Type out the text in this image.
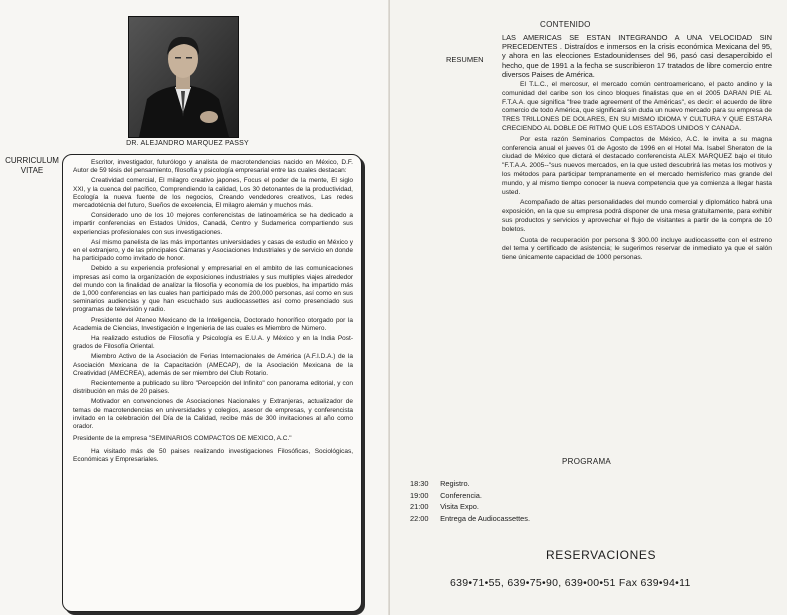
DR. ALEJANDRO MARQUEZ PASSY
CURRICULUM VITAE

Escritor, investigador, futurólogo y analista de macrotendencias nacido en México, D.F. Autor de 59 tésis del pensamiento, filosofía y psicología empresarial entre las cuales destacan:

Creatividad comercial, El milagro creativo japones, Focus el poder de la mente, El siglo XXI, y la cuenca del pacífico, Comprendiendo la calidad, Los 30 detonantes de la productividad, Ecología la nueva fuente de los negocios, Creando vendedores creativos, Las redes mercadotécnia del futuro, Sueños de excelencia, El milagro alemán y muchos más.

Considerado uno de los 10 mejores conferencistas de latinoamérica se ha dedicado a impartir conferencias en Estados Unidos, Canadá, Centro y Sudamerica compartiendo sus experiencias profesionales con sus investigaciones.

Así mismo panelista de las más importantes universidades y casas de estudio en México y en el extranjero, y de las principales Cámaras y Asociaciones Industriales y de servicio en donde ha participado como invitado de honor.

Debido a su experiencia profesional y empresarial en el ambito de las comunicaciones impresas así como la organización de exposiciones industriales y sus multiples viajes alrededor del mundo con la finalidad de analizar la filosofía y economía de los pueblos, ha impartido más de 1,000 conferencias en las cuales han participado más de 200,000 personas, así como en sus seminarios audiencias y que han escuchado sus audiocassettes así como presenciado sus programas de televisión y radio.

Presidente del Ateneo Mexicano de la Inteligencia, Doctorado honorífico otorgado por la Academia de Ciencias, Investigación e Ingenieria de las cuales es Miembro de Número.

Ha realizado estudios de Filosofía y Psicología es E.U.A. y México y en la India Post-grados de Filosofía Oriental.

Miembro Activo de la Asociación de Ferias Internacionales de América (A.F.I.D.A.) de la Asociación Mexicana de la Capacitación (AMECAP), de la Asociación Mexicana de la Creatividad (AMECREA), además de ser miembro del Club Rotario.

Recientemente a publicado su libro "Percepción del Infinito" con panorama editorial, y con distribución en más de 20 paises.

Motivador en convenciones de Asociaciones Nacionales y Extranjeras, actualizador de temas de macrotendencias en universidades y colegios, asesor de empresas, y conferencista invitado en la celebración del Día de la Calidad, recibe más de 300 invitaciones al año como orador.

Presidente de la empresa "SEMINARIOS COMPACTOS DE MEXICO, A.C."

Ha visitado más de 50 paises realizando investigaciones Filosóficas, Sociológicas, Económicas y Empresariales.

CONTENIDO
RESUMEN

LAS AMERICAS SE ESTAN INTEGRANDO A UNA VELOCIDAD SIN PRECEDENTES . Distraídos e inmersos en la crisis económica Mexicana del 95, y ahora en las elecciones Estadounidenses del 96, pasó casi desapercibido el hecho, que de 1991 a la fecha se suscribieron 17 tratados de libre comercio entre diversos Paises de América.

El T.L.C., el mercosur, el mercado común centroamericano, el pacto andino y la comunidad del caribe son los cinco bloques finalistas que en el 2005 DARAN PIE AL F.T.A.A. que significa "free trade agreement of the Américas", es decir: el acuerdo de libre comercio de todo América, que significará sin duda un nuevo mercado para su empresa de TRES TRILLONES DE DOLARES, EN SU MISMO IDIOMA Y CULTURA Y QUE ESTARA CRECIENDO AL DOBLE DE RITMO QUE LOS ESTADOS UNIDOS Y CANADA.

Por esta razón Seminarios Compactos de México, A.C. le invita a su magna conferencia anual el jueves 01 de Agosto de 1996 en el Hotel Ma. Isabel Sheraton de la ciudad de México que dictará el destacado conferencista ALEX MARQUEZ bajo el titulo "F.T.A.A. 2005--"sus nuevos mercados, en la que usted descubrirá las metas los motivos y los métodos para participar tempranamente en el mercado hemisferico mas grande del mundo, y al mismo tiempo conocer la nueva competencia que ya comienza a llegar hasta usted.

Acompañado de altas personalidades del mundo comercial y diplomático habrá una exposición, en la que su empresa podrá disponer de una mesa gratuitamente, para exhibir sus productos y servicios y aprovechar el flujo de visitantes a partir de la compra de 10 boletos.

Cuota de recuperación por persona $ 300.00 incluye audiocassette con el estreno del tema y certificado de asistencia; le sugerimos reservar de inmediato ya que el salón tiene únicamente capacidad de 1000 personas.

PROGRAMA
18:30 Registro.
19:00 Conferencia.
21:00 Visita Expo.
22:00 Entrega de Audiocassettes.
RESERVACIONES
639•71•55, 639•75•90, 639•00•51 Fax 639•94•11
